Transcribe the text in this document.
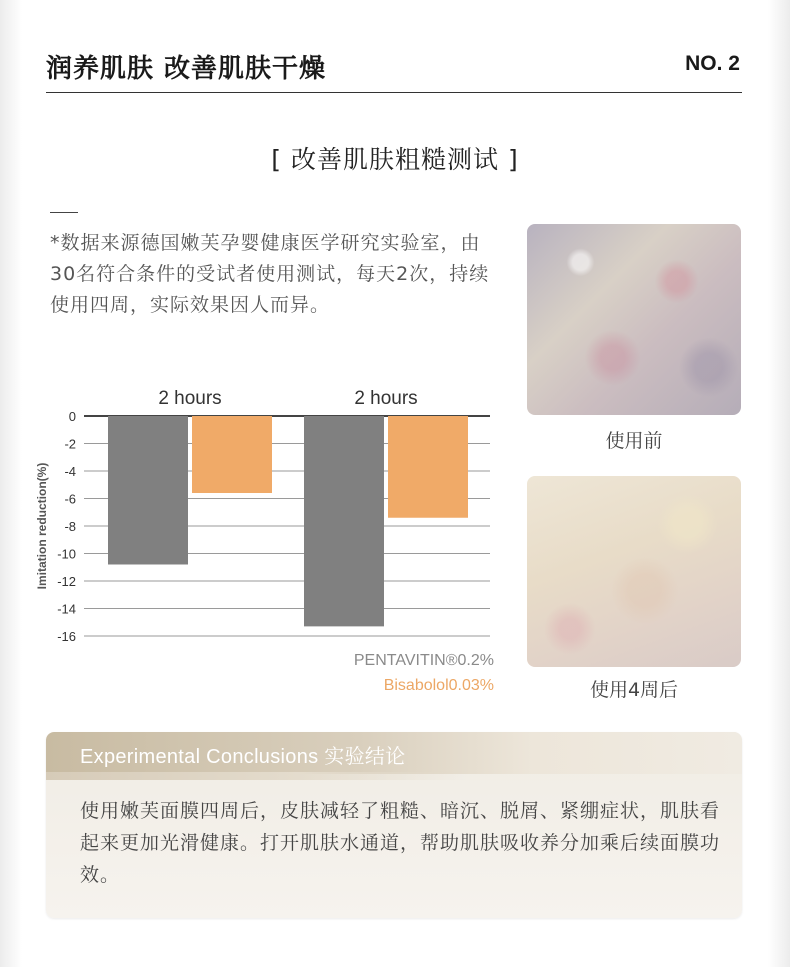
润养肌肤 改善肌肤干燥	NO. 2
[ 改善肌肤粗糙测试 ]
*数据来源德国嫩芙孕婴健康医学研究实验室，由30名符合条件的受试者使用测试，每天2次，持续使用四周，实际效果因人而异。
使用前
使用4周后
0
-2
-4
-6
-8
-10
-12
-14
-16
Imitation reduction(%)
2 hours	2 hours
PENTAVITIN®0.2%
Bisabolol0.03%
Experimental Conclusions 实验结论
使用嫩芙面膜四周后，皮肤减轻了粗糙、暗沉、脱屑、紧绷症状，肌肤看起来更加光滑健康。打开肌肤水通道，帮助肌肤吸收养分加乘后续面膜功效。
